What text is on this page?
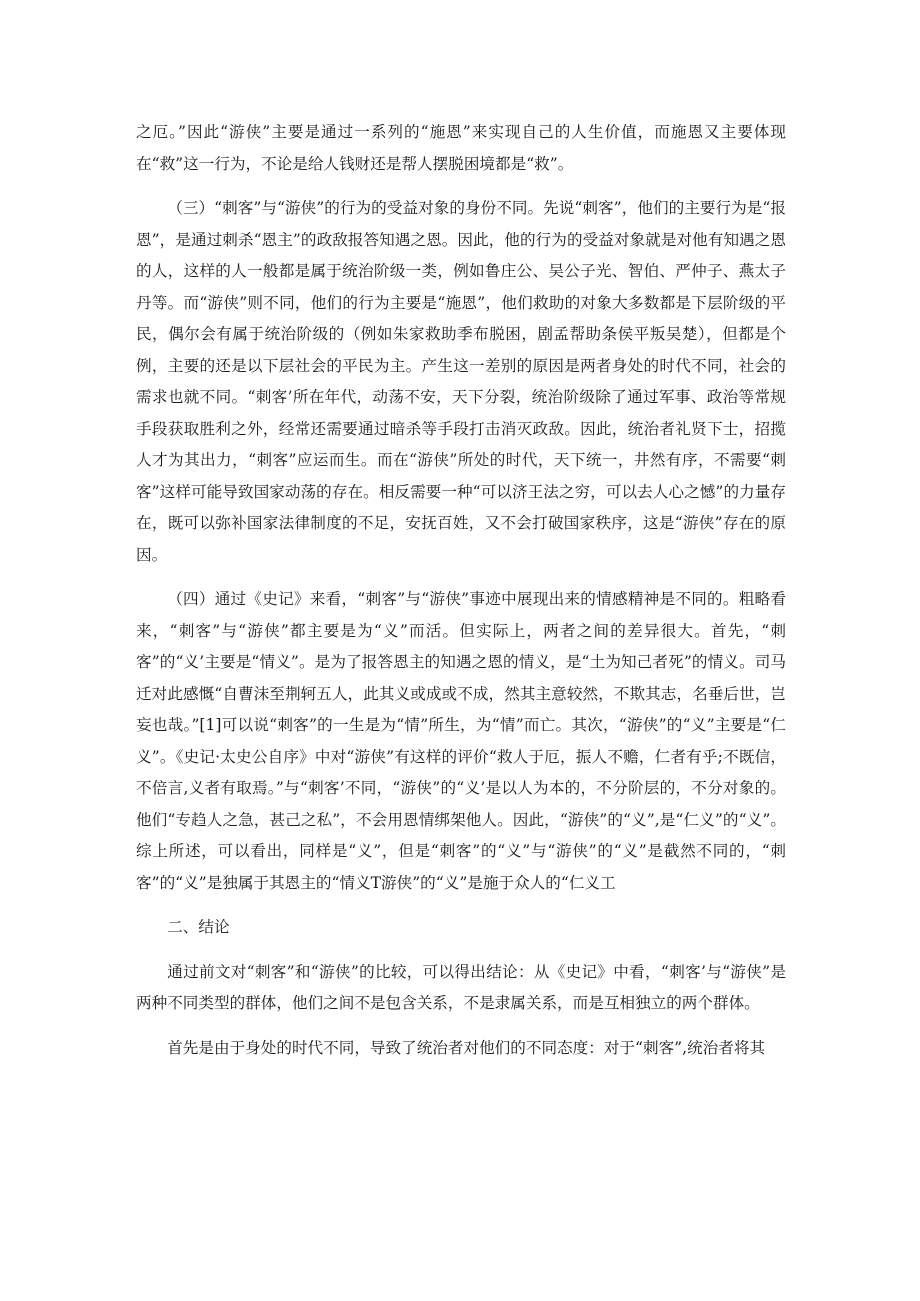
之厄。”因此“游侠”主要是通过一系列的“施恩”来实现自己的人生价值，而施恩又主要体现在“救”这一行为，不论是给人钱财还是帮人摆脱困境都是“救”。

（三）“刺客”与“游侠”的行为的受益对象的身份不同。先说“刺客”，他们的主要行为是“报恩”，是通过刺杀“恩主”的政敌报答知遇之恩。因此，他的行为的受益对象就是对他有知遇之恩的人，这样的人一般都是属于统治阶级一类，例如鲁庄公、吴公子光、智伯、严仲子、燕太子丹等。而“游侠”则不同，他们的行为主要是“施恩”，他们救助的对象大多数都是下层阶级的平民，偶尔会有属于统治阶级的（例如朱家救助季布脱困，剧孟帮助条侯平叛吴楚），但都是个例，主要的还是以下层社会的平民为主。产生这一差别的原因是两者身处的时代不同，社会的需求也就不同。“刺客’所在年代，动荡不安，天下分裂，统治阶级除了通过军事、政治等常规手段获取胜利之外，经常还需要通过暗杀等手段打击消灭政敌。因此，统治者礼贤下士，招揽人才为其出力，“刺客”应运而生。而在“游侠”所处的时代，天下统一，井然有序，不需要“刺客”这样可能导致国家动荡的存在。相反需要一种“可以济王法之穷，可以去人心之憾”的力量存在，既可以弥补国家法律制度的不足，安抚百姓，又不会打破国家秩序，这是“游侠”存在的原因。

（四）通过《史记》来看，“刺客”与“游侠”事迹中展现出来的情感精神是不同的。粗略看来，“刺客”与“游侠”都主要是为“义”而活。但实际上，两者之间的差异很大。首先，“刺客”的“义’主要是“情义”。是为了报答恩主的知遇之恩的情义，是“土为知己者死”的情义。司马迁对此感慨“自曹沫至荆轲五人，此其义或成或不成，然其主意较然，不欺其志，名垂后世，岂妄也哉。”[1]可以说“刺客”的一生是为“情”所生，为“情”而亡。其次，“游侠”的“义”主要是“仁义”。《史记·太史公自序》中对“游侠”有这样的评价“救人于厄，振人不赡，仁者有乎;不既信，不倍言,义者有取焉。”与“刺客’不同，“游侠”的“义’是以人为本的，不分阶层的，不分对象的。他们“专趋人之急，甚己之私”，不会用恩情绑架他人。因此，“游侠”的“义”,是“仁义”的“义”。综上所述，可以看出，同样是“义”，但是“刺客”的“义”与“游侠”的“义”是截然不同的，“刺客”的“义”是独属于其恩主的“情义T游侠”的“义”是施于众人的“仁义工

二、结论

通过前文对“刺客”和“游侠”的比较，可以得出结论：从《史记》中看，“刺客’与“游侠”是两种不同类型的群体，他们之间不是包含关系，不是隶属关系，而是互相独立的两个群体。

首先是由于身处的时代不同，导致了统治者对他们的不同态度：对于“刺客”,统治者将其
